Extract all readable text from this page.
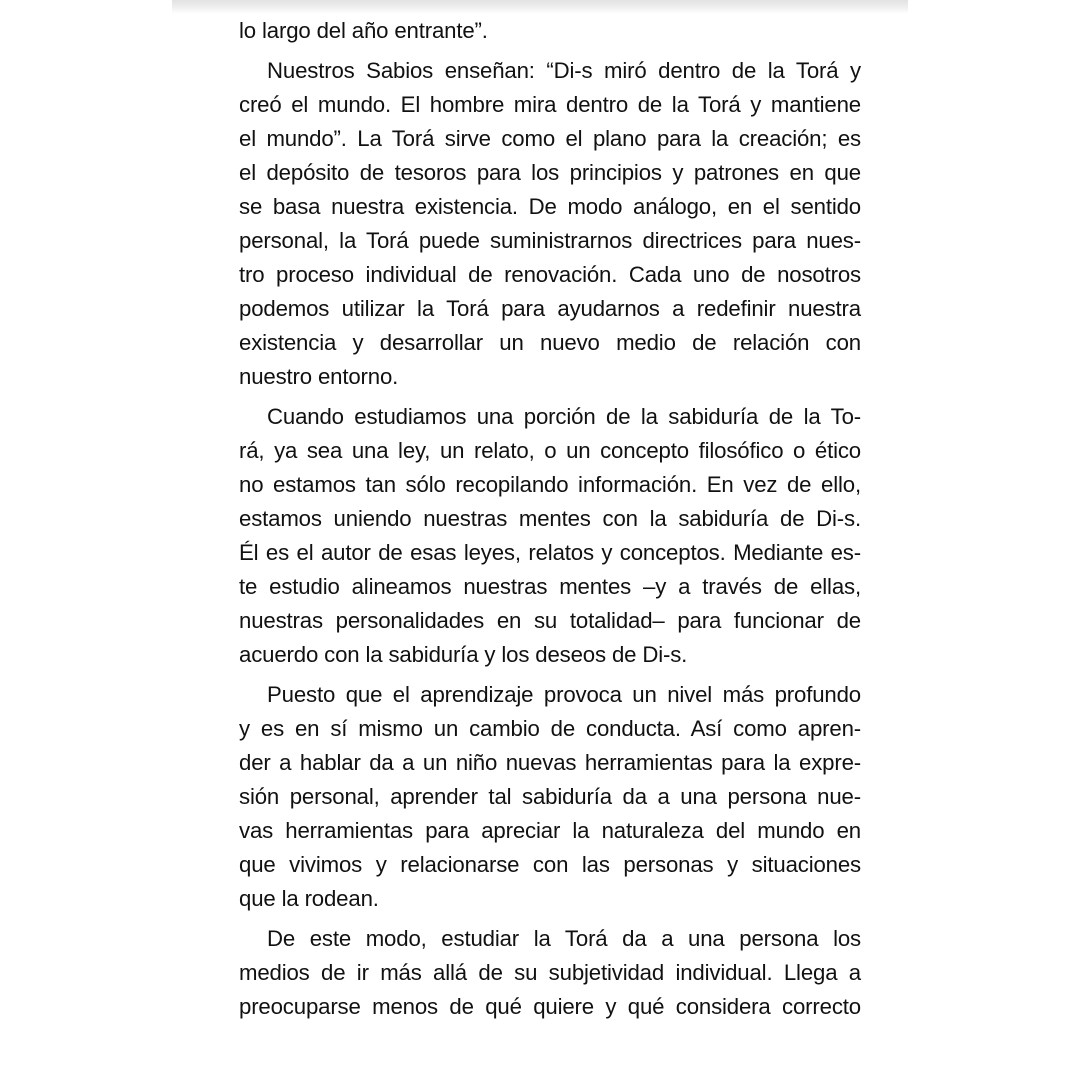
lo largo del año entrante”.
Nuestros Sabios enseñan: “Di-s miró dentro de la Torá y
creó el mundo. El hombre mira dentro de la Torá y mantiene
el mundo”. La Torá sirve como el plano para la creación; es
el depósito de tesoros para los principios y patrones en que
se basa nuestra existencia. De modo análogo, en el sentido
personal, la Torá puede suministrarnos directrices para nues-
tro proceso individual de renovación. Cada uno de nosotros
podemos utilizar la Torá para ayudarnos a redefinir nuestra
existencia y desarrollar un nuevo medio de relación con
nuestro entorno.
Cuando estudiamos una porción de la sabiduría de la To-
rá, ya sea una ley, un relato, o un concepto filosófico o ético
no estamos tan sólo recopilando información. En vez de ello,
estamos uniendo nuestras mentes con la sabiduría de Di-s.
Él es el autor de esas leyes, relatos y conceptos. Mediante es-
te estudio alineamos nuestras mentes –y a través de ellas,
nuestras personalidades en su totalidad– para funcionar de
acuerdo con la sabiduría y los deseos de Di-s.
Puesto que el aprendizaje provoca un nivel más profundo
y es en sí mismo un cambio de conducta. Así como apren-
der a hablar da a un niño nuevas herramientas para la expre-
sión personal, aprender tal sabiduría da a una persona nue-
vas herramientas para apreciar la naturaleza del mundo en
que vivimos y relacionarse con las personas y situaciones
que la rodean.
De este modo, estudiar la Torá da a una persona los
medios de ir más allá de su subjetividad individual. Llega a
preocuparse menos de qué quiere y qué considera correcto
